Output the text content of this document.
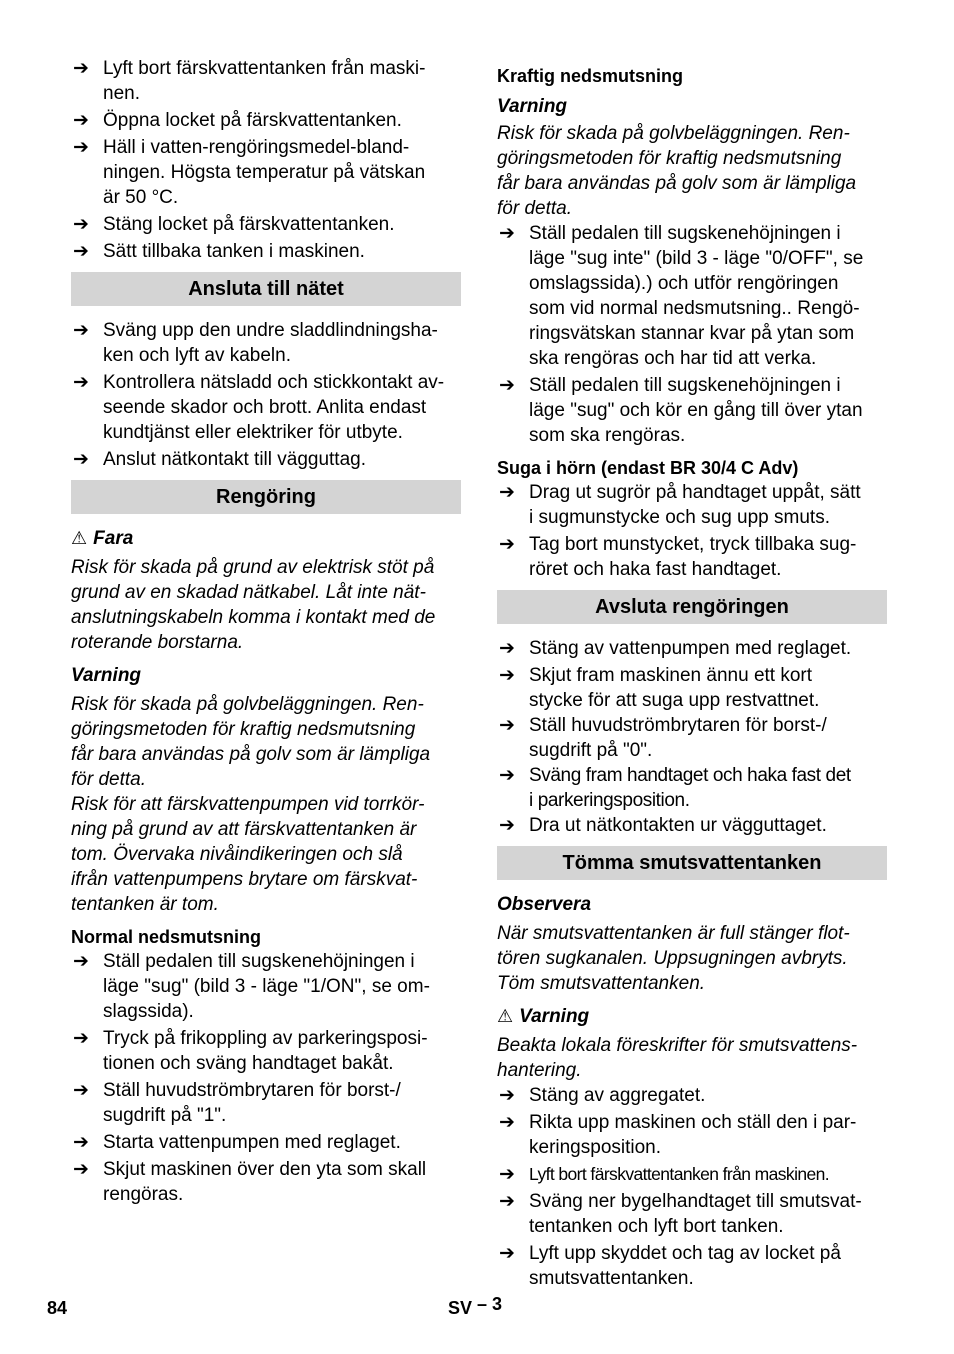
➔ Lyft bort färskvattentanken från maski-
nen.
➔ Öppna locket på färskvattentanken.
➔ Häll i vatten-rengöringsmedel-bland-
ningen. Högsta temperatur på vätskan
är 50 °C.
➔ Stäng locket på färskvattentanken.
➔ Sätt tillbaka tanken i maskinen.
Ansluta till nätet
➔ Sväng upp den undre sladdlindningsha-
ken och lyft av kabeln.
➔ Kontrollera nätsladd och stickkontakt av-
seende skador och brott. Anlita endast
kundtjänst eller elektriker för utbyte.
➔ Anslut nätkontakt till vägguttag.
Rengöring
⚠ Fara
Risk för skada på grund av elektrisk stöt på
grund av en skadad nätkabel. Låt inte nät-
anslutningskabeln komma i kontakt med de
roterande borstarna.
Varning
Risk för skada på golvbeläggningen. Ren-
göringsmetoden för kraftig nedsmutsning
får bara användas på golv som är lämpliga
för detta.
Risk för att färskvattenpumpen vid torrkör-
ning på grund av att färskvattentanken är
tom. Övervaka nivåindikeringen och slå
ifrån vattenpumpens brytare om färskvat-
tentanken är tom.
Normal nedsmutsning
➔ Ställ pedalen till sugskenehöjningen i
läge "sug" (bild 3 - läge "1/ON", se om-
slagssida).
➔ Tryck på frikoppling av parkeringsposi-
tionen och sväng handtaget bakåt.
➔ Ställ huvudströmbrytaren för borst-/
sugdrift på "1".
➔ Starta vattenpumpen med reglaget.
➔ Skjut maskinen över den yta som skall
rengöras.
Kraftig nedsmutsning
Varning
Risk för skada på golvbeläggningen. Ren-
göringsmetoden för kraftig nedsmutsning
får bara användas på golv som är lämpliga
för detta.
➔ Ställ pedalen till sugskenehöjningen i
läge "sug inte" (bild 3 - läge "0/OFF", se
omslagssida).) och utför rengöringen
som vid normal nedsmutsning.. Rengö-
ringsvätskan stannar kvar på ytan som
ska rengöras och har tid att verka.
➔ Ställ pedalen till sugskenehöjningen i
läge "sug" och kör en gång till över ytan
som ska rengöras.
Suga i hörn (endast BR 30/4 C Adv)
➔ Drag ut sugrör på handtaget uppåt, sätt
i sugmunstycke och sug upp smuts.
➔ Tag bort munstycket, tryck tillbaka sug-
röret och haka fast handtaget.
Avsluta rengöringen
➔ Stäng av vattenpumpen med reglaget.
➔ Skjut fram maskinen ännu ett kort
stycke för att suga upp restvattnet.
➔ Ställ huvudströmbrytaren för borst-/
sugdrift på "0".
➔ Sväng fram handtaget och haka fast det
i parkeringsposition.
➔ Dra ut nätkontakten ur vägguttaget.
Tömma smutsvattentanken
Observera
När smutsvattentanken är full stänger flot-
tören sugkanalen. Uppsugningen avbryts.
Töm smutsvattentanken.
⚠ Varning
Beakta lokala föreskrifter för smutsvattens-
hantering.
➔ Stäng av aggregatet.
➔ Rikta upp maskinen och ställ den i par-
keringsposition.
➔ Lyft bort färskvattentanken från maskinen.
➔ Sväng ner bygelhandtaget till smutsvat-
tentanken och lyft bort tanken.
➔ Lyft upp skyddet och tag av locket på
smutsvattentanken.
84	SV – 3
